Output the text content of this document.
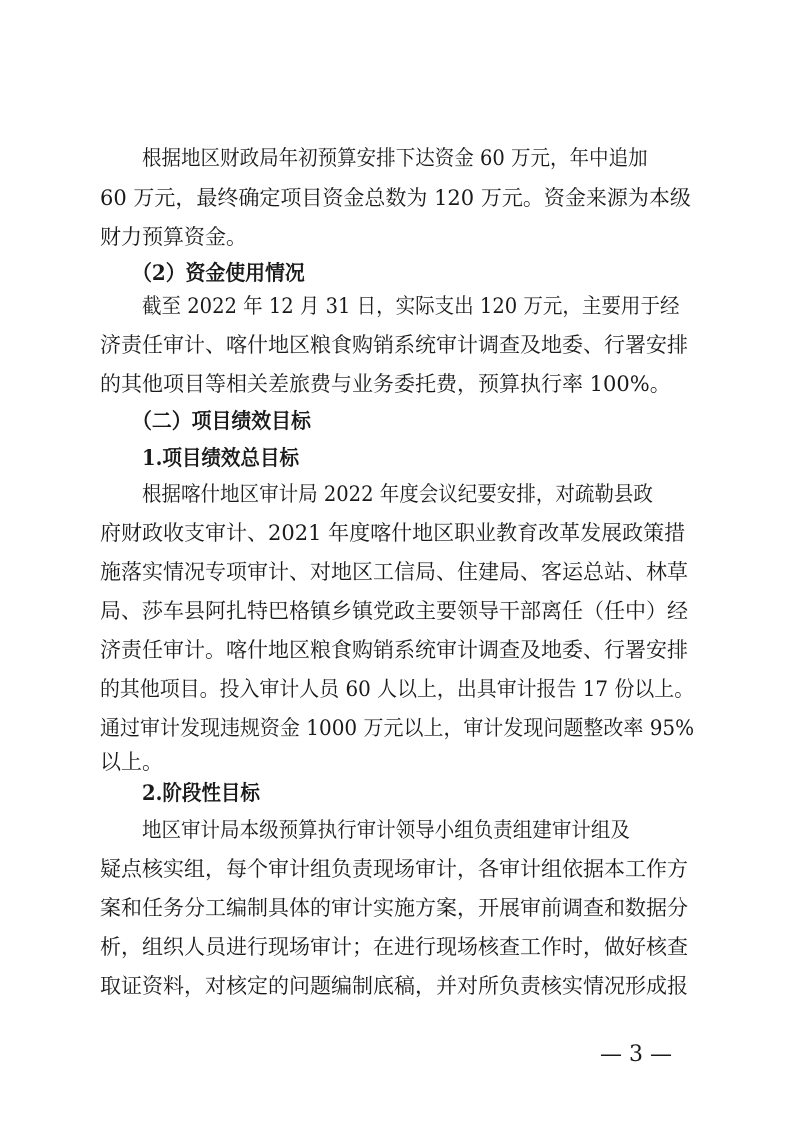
根据地区财政局年初预算安排下达资金 60 万元，年中追加
60 万元，最终确定项目资金总数为 120 万元。资金来源为本级
财力预算资金。
（2）资金使用情况
截至 2022 年 12 月 31 日，实际支出 120 万元，主要用于经
济责任审计、喀什地区粮食购销系统审计调查及地委、行署安排
的其他项目等相关差旅费与业务委托费，预算执行率 100%。
（二）项目绩效目标
1.项目绩效总目标
根据喀什地区审计局 2022 年度会议纪要安排，对疏勒县政
府财政收支审计、2021 年度喀什地区职业教育改革发展政策措
施落实情况专项审计、对地区工信局、住建局、客运总站、林草
局、莎车县阿扎特巴格镇乡镇党政主要领导干部离任（任中）经
济责任审计。喀什地区粮食购销系统审计调查及地委、行署安排
的其他项目。投入审计人员 60 人以上，出具审计报告 17 份以上。
通过审计发现违规资金 1000 万元以上，审计发现问题整改率 95%
以上。
2.阶段性目标
地区审计局本级预算执行审计领导小组负责组建审计组及
疑点核实组，每个审计组负责现场审计，各审计组依据本工作方
案和任务分工编制具体的审计实施方案，开展审前调查和数据分
析，组织人员进行现场审计；在进行现场核查工作时，做好核查
取证资料，对核定的问题编制底稿，并对所负责核实情况形成报
— 3 —
